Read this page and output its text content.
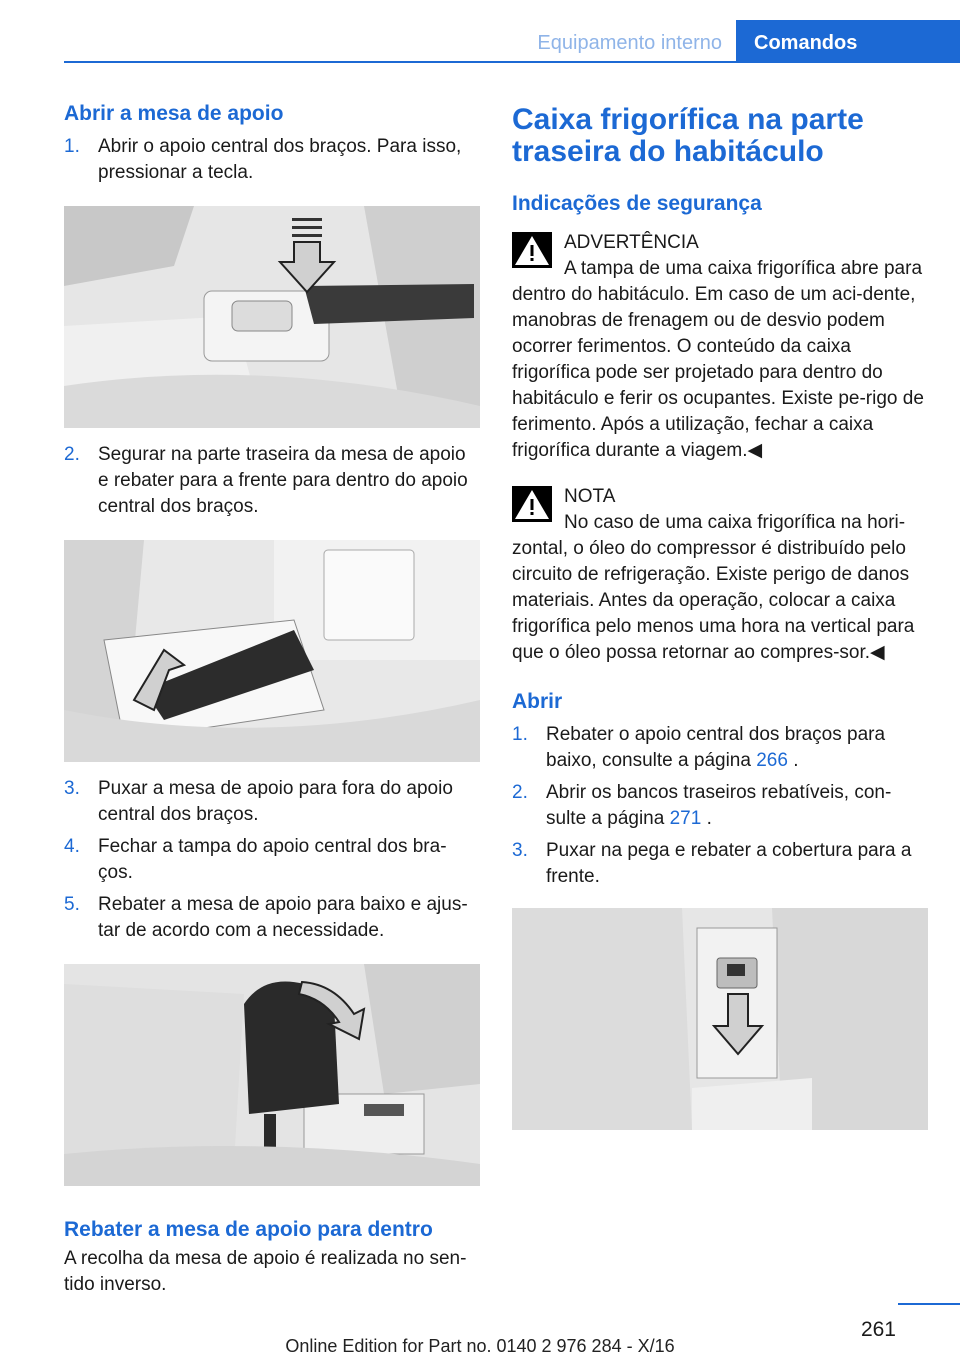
Equipamento interno	Comandos
Abrir a mesa de apoio
1. Abrir o apoio central dos braços. Para isso, pressionar a tecla.
2. Segurar na parte traseira da mesa de apoio e rebater para a frente para dentro do apoio central dos braços.
3. Puxar a mesa de apoio para fora do apoio central dos braços.
4. Fechar a tampa do apoio central dos bra‐ços.
5. Rebater a mesa de apoio para baixo e ajus‐tar de acordo com a necessidade.
Rebater a mesa de apoio para dentro
A recolha da mesa de apoio é realizada no sen‐tido inverso.
Caixa frigorífica na parte traseira do habitáculo
Indicações de segurança
ADVERTÊNCIA
A tampa de uma caixa frigorífica abre para dentro do habitáculo. Em caso de um aci‐dente, manobras de frenagem ou de desvio podem ocorrer ferimentos. O conteúdo da caixa frigorífica pode ser projetado para dentro do habitáculo e ferir os ocupantes. Existe pe‐rigo de ferimento. Após a utilização, fechar a caixa frigorífica durante a viagem.◀
NOTA
No caso de uma caixa frigorífica na hori‐zontal, o óleo do compressor é distribuído pelo circuito de refrigeração. Existe perigo de danos materiais. Antes da operação, colocar a caixa frigorífica pelo menos uma hora na vertical para que o óleo possa retornar ao compres‐sor.◀
Abrir
1. Rebater o apoio central dos braços para baixo, consulte a página 266 .
2. Abrir os bancos traseiros rebatíveis, con‐sulte a página 271 .
3. Puxar na pega e rebater a cobertura para a frente.
261
Online Edition for Part no. 0140 2 976 284 - X/16
